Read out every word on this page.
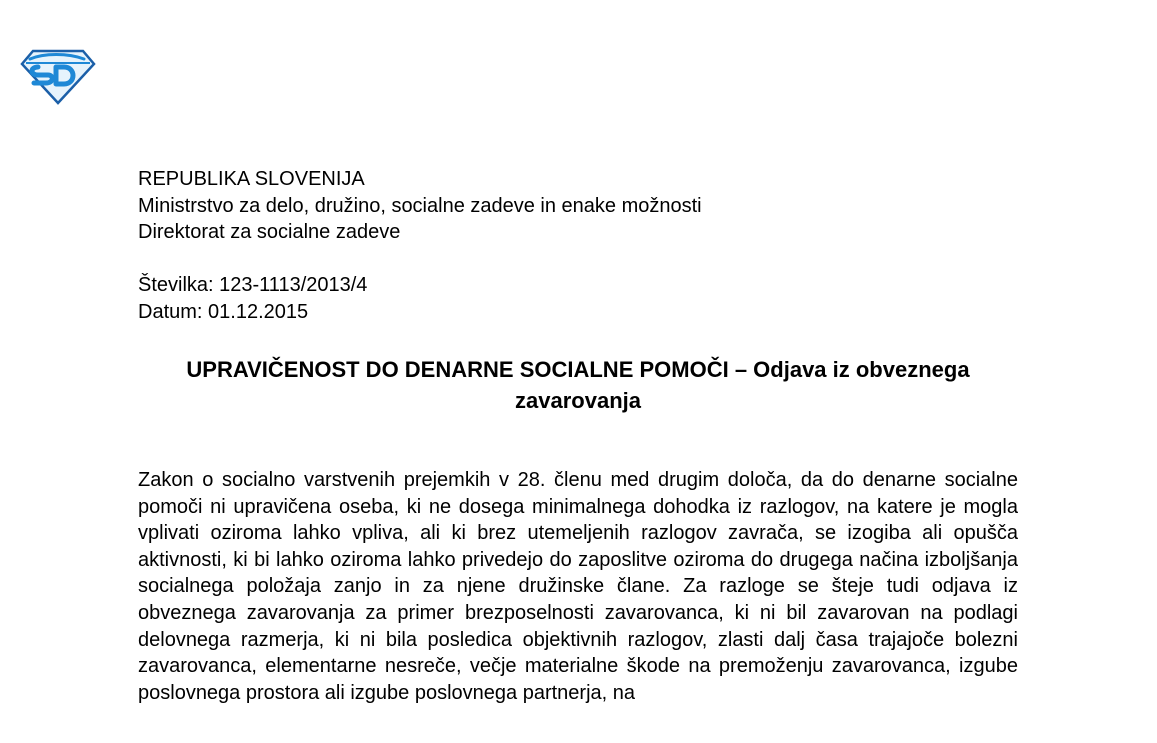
REPUBLIKA SLOVENIJA
Ministrstvo za delo, družino, socialne zadeve in enake možnosti
Direktorat za socialne zadeve
Številka: 123-1113/2013/4
Datum: 01.12.2015
UPRAVIČENOST DO DENARNE SOCIALNE POMOČI – Odjava iz obveznega zavarovanja

Zakon o socialno varstvenih prejemkih v 28. členu med drugim določa, da do denarne socialne pomoči ni upravičena oseba, ki ne dosega minimalnega dohodka iz razlogov, na katere je mogla vplivati oziroma lahko vpliva, ali ki brez utemeljenih razlogov zavrača, se izogiba ali opušča aktivnosti, ki bi lahko oziroma lahko privedejo do zaposlitve oziroma do drugega načina izboljšanja socialnega položaja zanjo in za njene družinske člane. Za razloge se šteje tudi odjava iz obveznega zavarovanja za primer brezposelnosti zavarovanca, ki ni bil zavarovan na podlagi delovnega razmerja, ki ni bila posledica objektivnih razlogov, zlasti dalj časa trajajoče bolezni zavarovanca, elementarne nesreče, večje materialne škode na premoženju zavarovanca, izgube poslovnega prostora ali izgube poslovnega partnerja, na
